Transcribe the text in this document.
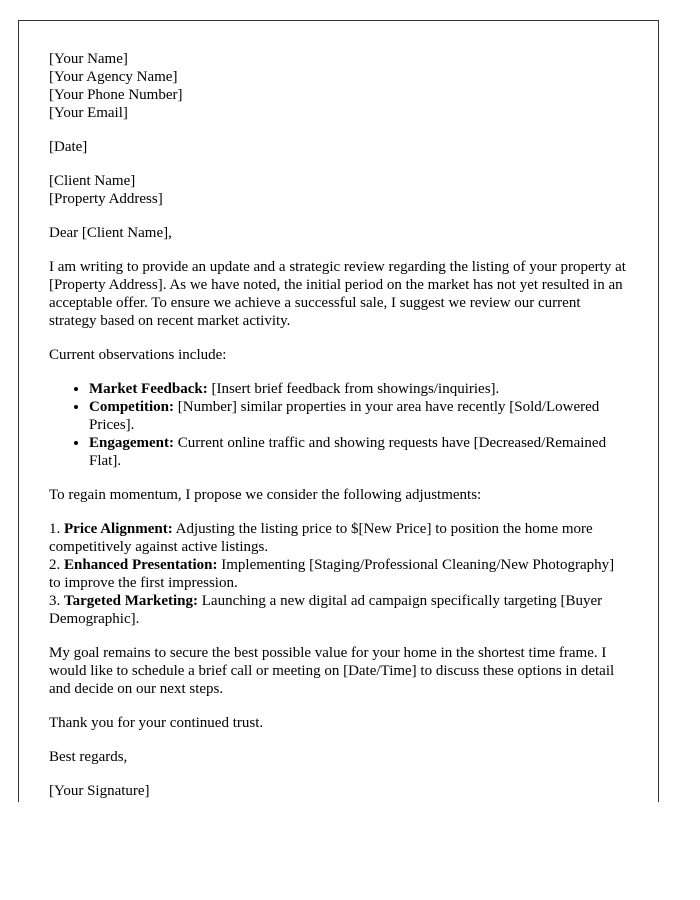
[Your Name]
[Your Agency Name]
[Your Phone Number]
[Your Email]

[Date]

[Client Name]
[Property Address]

Dear [Client Name],

I am writing to provide an update and a strategic review regarding the listing of your property at [Property Address]. As we have noted, the initial period on the market has not yet resulted in an acceptable offer. To ensure we achieve a successful sale, I suggest we review our current strategy based on recent market activity.

Current observations include:

• Market Feedback: [Insert brief feedback from showings/inquiries].
• Competition: [Number] similar properties in your area have recently [Sold/Lowered Prices].
• Engagement: Current online traffic and showing requests have [Decreased/Remained Flat].

To regain momentum, I propose we consider the following adjustments:

1. Price Alignment: Adjusting the listing price to $[New Price] to position the home more competitively against active listings.
2. Enhanced Presentation: Implementing [Staging/Professional Cleaning/New Photography] to improve the first impression.
3. Targeted Marketing: Launching a new digital ad campaign specifically targeting [Buyer Demographic].

My goal remains to secure the best possible value for your home in the shortest time frame. I would like to schedule a brief call or meeting on [Date/Time] to discuss these options in detail and decide on our next steps.

Thank you for your continued trust.

Best regards,

[Your Signature]
